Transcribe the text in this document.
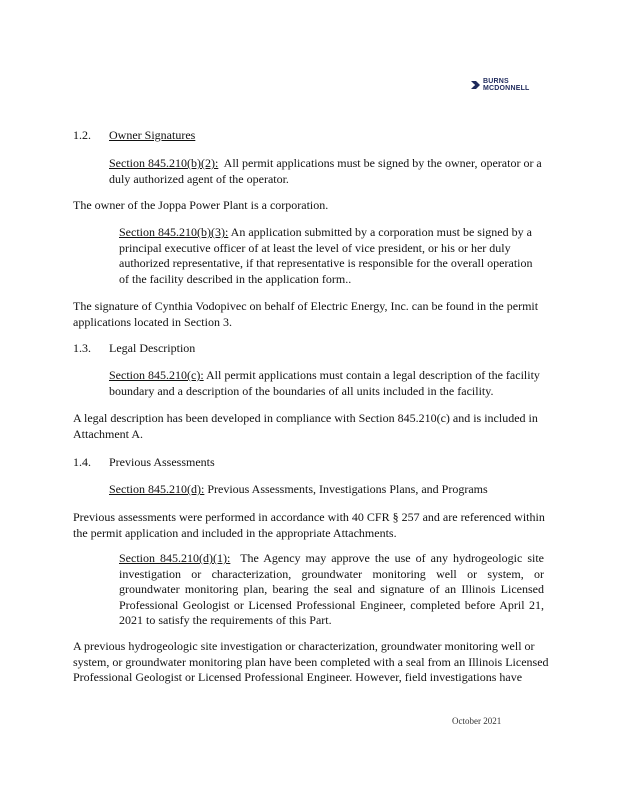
BURNS
MCDONNELL

1.2. Owner Signatures

Section 845.210(b)(2): All permit applications must be signed by the owner, operator or a duly authorized agent of the operator.

The owner of the Joppa Power Plant is a corporation.

Section 845.210(b)(3): An application submitted by a corporation must be signed by a principal executive officer of at least the level of vice president, or his or her duly authorized representative, if that representative is responsible for the overall operation of the facility described in the application form..

The signature of Cynthia Vodopivec on behalf of Electric Energy, Inc. can be found in the permit applications located in Section 3.

1.3. Legal Description

Section 845.210(c): All permit applications must contain a legal description of the facility boundary and a description of the boundaries of all units included in the facility.

A legal description has been developed in compliance with Section 845.210(c) and is included in Attachment A.

1.4. Previous Assessments

Section 845.210(d): Previous Assessments, Investigations Plans, and Programs

Previous assessments were performed in accordance with 40 CFR § 257 and are referenced within the permit application and included in the appropriate Attachments.

Section 845.210(d)(1): The Agency may approve the use of any hydrogeologic site investigation or characterization, groundwater monitoring well or system, or groundwater monitoring plan, bearing the seal and signature of an Illinois Licensed Professional Geologist or Licensed Professional Engineer, completed before April 21, 2021 to satisfy the requirements of this Part.

A previous hydrogeologic site investigation or characterization, groundwater monitoring well or system, or groundwater monitoring plan have been completed with a seal from an Illinois Licensed Professional Geologist or Licensed Professional Engineer. However, field investigations have

October 2021
